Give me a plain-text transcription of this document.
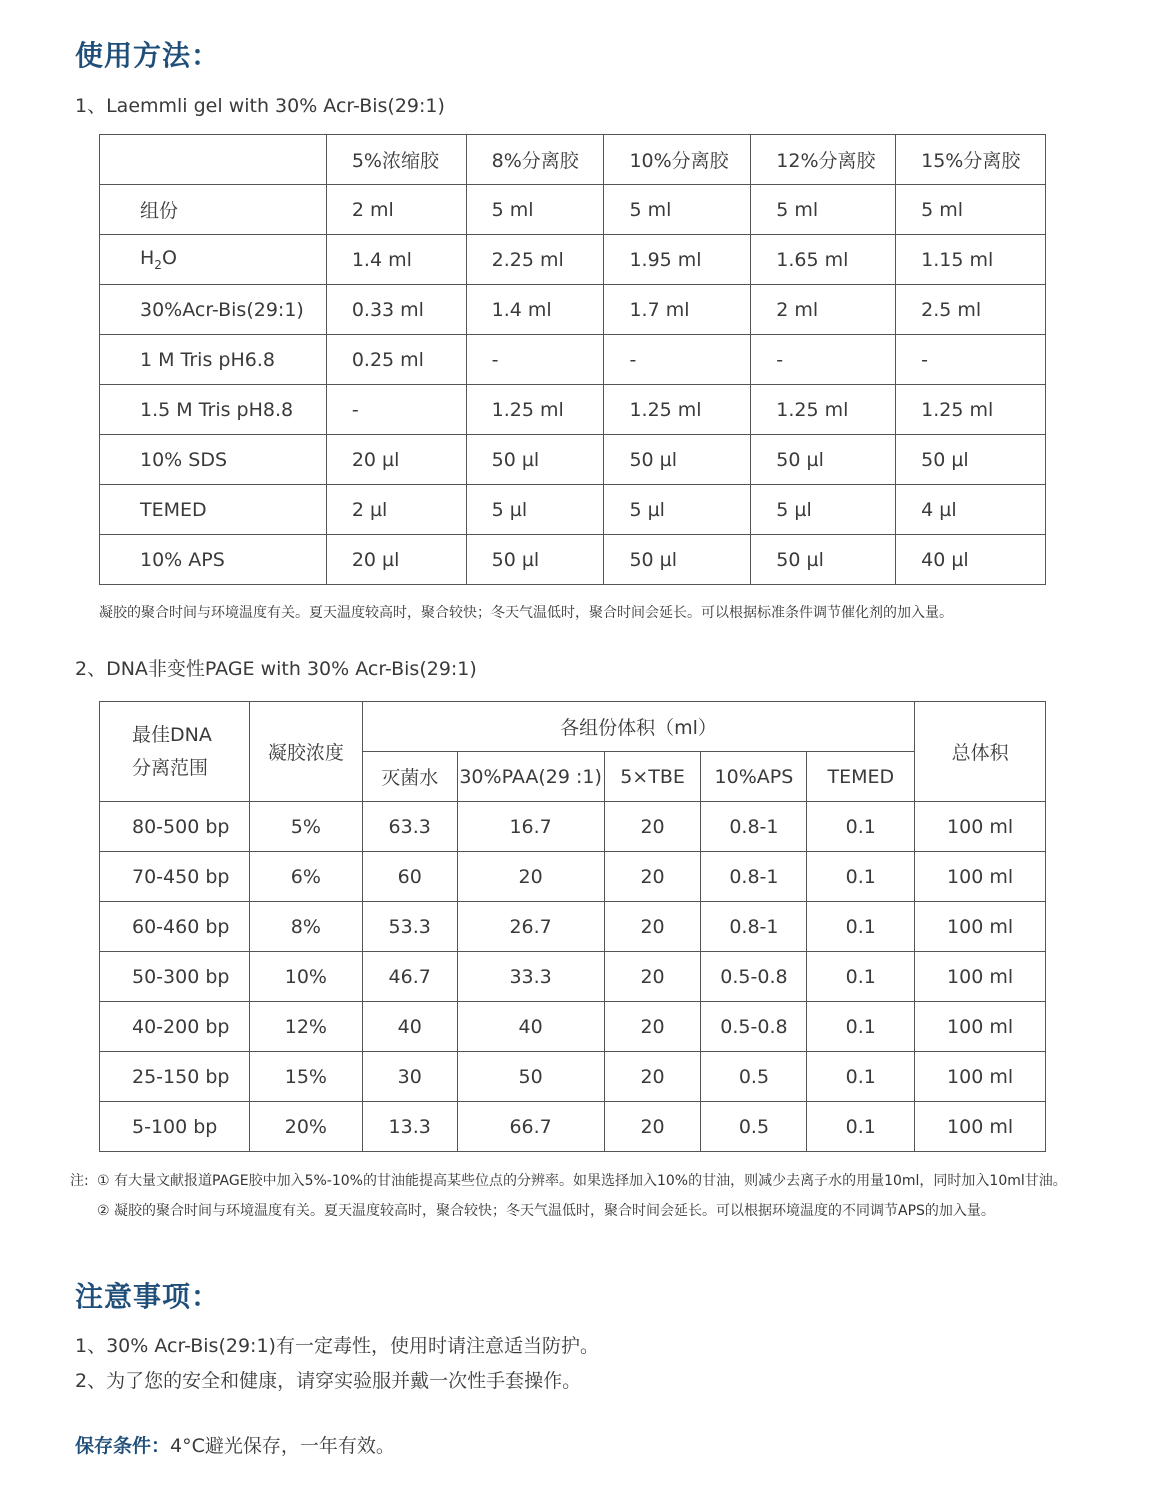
使用方法：

1、Laemmli gel with 30% Acr-Bis(29:1)

	5%浓缩胶	8%分离胶	10%分离胶	12%分离胶	15%分离胶
组份	2 ml	5 ml	5 ml	5 ml	5 ml
$H_2O$	1.4 ml	2.25 ml	1.95 ml	1.65 ml	1.15 ml
30%Acr-Bis(29:1)	0.33 ml	1.4 ml	1.7 ml	2 ml	2.5 ml
1 M Tris pH6.8	0.25 ml	-	-	-	-
1.5 M Tris pH8.8	-	1.25 ml	1.25 ml	1.25 ml	1.25 ml
10% SDS	20 µl	50 µl	50 µl	50 µl	50 µl
TEMED	2 µl	5 µl	5 µl	5 µl	4 µl
10% APS	20 µl	50 µl	50 µl	50 µl	40 µl

凝胶的聚合时间与环境温度有关。夏天温度较高时，聚合较快；冬天气温低时，聚合时间会延长。可以根据标准条件调节催化剂的加入量。

2、DNA非变性PAGE with 30% Acr-Bis(29:1)

最佳DNA
分离范围	凝胶浓度	各组份体积（ml）					总体积
		灭菌水	30%PAA(29 :1)	5×TBE	10%APS	TEMED	
80-500 bp	5%	63.3	16.7	20	0.8-1	0.1	100 ml
70-450 bp	6%	60	20	20	0.8-1	0.1	100 ml
60-460 bp	8%	53.3	26.7	20	0.8-1	0.1	100 ml
50-300 bp	10%	46.7	33.3	20	0.5-0.8	0.1	100 ml
40-200 bp	12%	40	40	20	0.5-0.8	0.1	100 ml
25-150 bp	15%	30	50	20	0.5	0.1	100 ml
5-100 bp	20%	13.3	66.7	20	0.5	0.1	100 ml

注: ① 有大量文献报道PAGE胶中加入5%-10%的甘油能提高某些位点的分辨率。如果选择加入10%的甘油，则减少去离子水的用量10ml，同时加入10ml甘油。

② 凝胶的聚合时间与环境温度有关。夏天温度较高时，聚合较快；冬天气温低时，聚合时间会延长。可以根据环境温度的不同调节APS的加入量。

注意事项：

1、30% Acr-Bis(29:1)有一定毒性，使用时请注意适当防护。

2、为了您的安全和健康，请穿实验服并戴一次性手套操作。

保存条件：4°C避光保存，一年有效。
